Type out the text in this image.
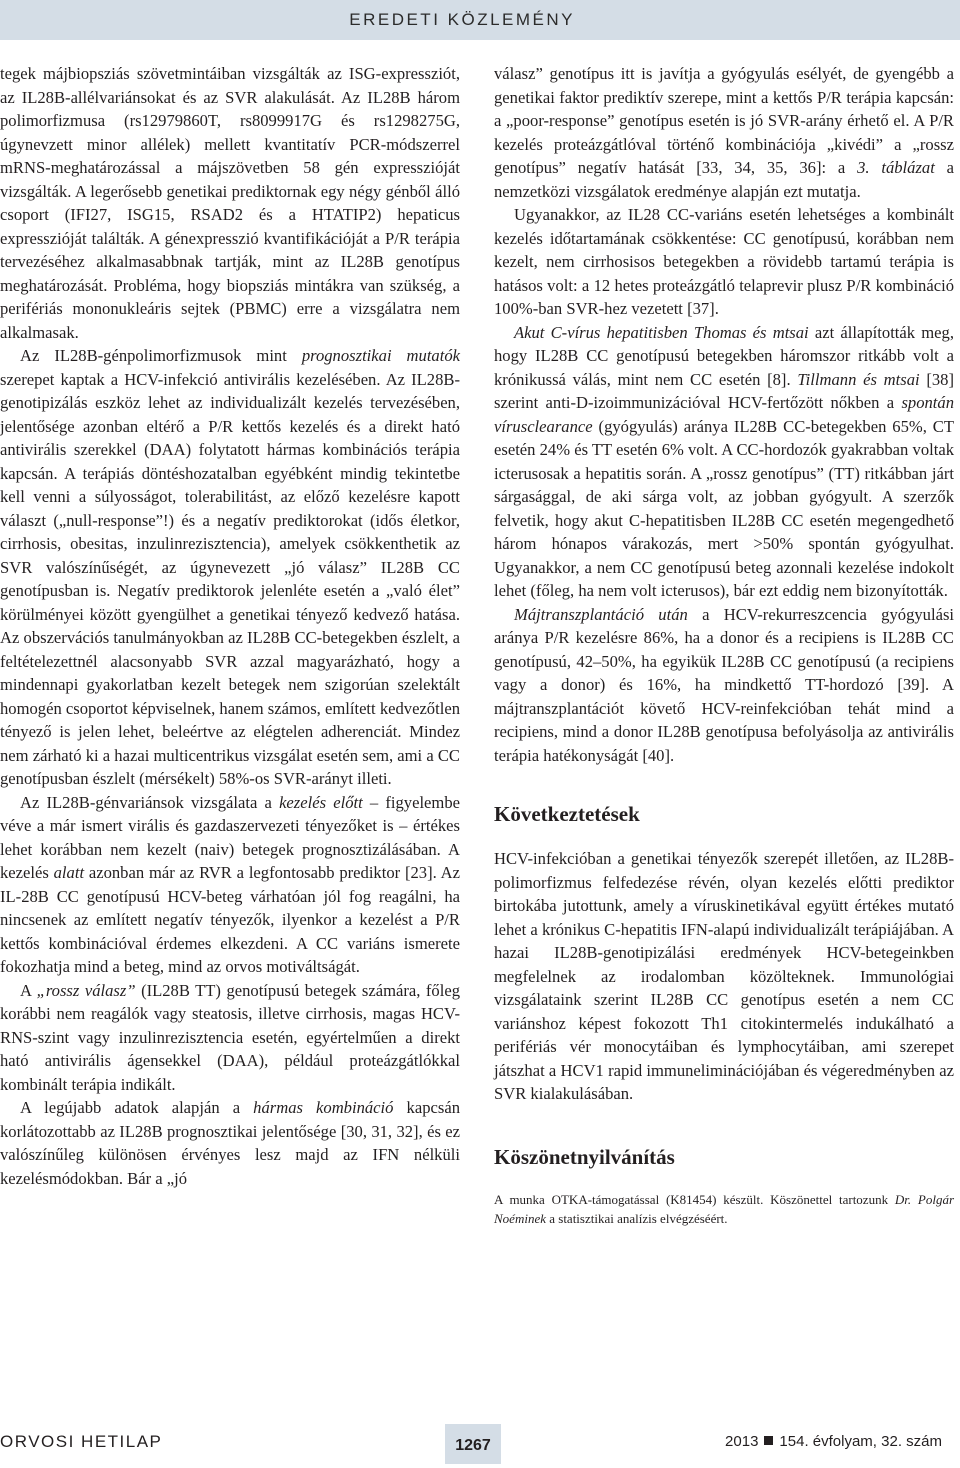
EREDETI KÖZLEMÉNY

tegek májbiopsziás szövetmintáiban vizsgálták az ISG-expressziót, az IL28B-allélvariánsokat és az SVR alakulását. Az IL28B három polimorfizmusa (rs12979860T, rs8099917G és rs1298275G, úgynevzett minor allélek) mellett kvantitatív PCR-módszerrel mRNS-meghatározással a májszövetben 58 gén expresszióját vizsgálták. A legerősebb genetikai prediktornak egy négy génből álló csoport (IFI27, ISG15, RSAD2 és a HTATIP2) hepaticus expresszióját találták. A génexpresszió kvantifikációját a P/R terápia tervezéséhez alkalmasabbnak tartják, mint az IL28B genotípus meghatározását. Probléma, hogy biopsziás mintákra van szükség, a perifériás mononukleáris sejtek (PBMC) erre a vizsgálatra nem alkalmasak.

Az IL28B-génpolimorfizmusok mint prognosztikai mutatók szerepet kaptak a HCV-infekció antivirális kezelésében. Az IL28B-genotipizálás eszköz lehet az individualizált kezelés tervezésében, jelentősége azonban eltérő a P/R kettős kezelés és a direkt ható antivirális szerekkel (DAA) folytatott hármas kombinációs terápia kapcsán. A terápiás döntéshozatalban egyébként mindig tekintetbe kell venni a súlyosságot, tolerabilitást, az előző kezelésre kapott választ („null-response”!) és a negatív prediktorokat (idős életkor, cirrhosis, obesitas, inzulinrezisztencia), amelyek csökkenthetik az SVR valószínűségét, az úgynevezett „jó válasz” IL28B CC genotípusban is. Negatív prediktorok jelenléte esetén a „való élet” körülményei között gyengülhet a genetikai tényező kedvező hatása. Az obszervációs tanulmányokban az IL28B CC-betegekben észlelt, a feltételezettnél alacsonyabb SVR azzal magyarázható, hogy a mindennapi gyakorlatban kezelt betegek nem szigorúan szelektált homogén csoportot képviselnek, hanem számos, említett kedvezőtlen tényező is jelen lehet, beleértve az elégtelen adherenciát. Mindez nem zárható ki a hazai multicentrikus vizsgálat esetén sem, ami a CC genotípusban észlelt (mérsékelt) 58%-os SVR-arányt illeti.

Az IL28B-génvariánsok vizsgálata a kezelés előtt – figyelembe véve a már ismert virális és gazdaszervezeti tényezőket is – értékes lehet korábban nem kezelt (naiv) betegek prognosztizálásában. A kezelés alatt azonban már az RVR a legfontosabb prediktor [23]. Az IL-28B CC genotípusú HCV-beteg várhatóan jól fog reagálni, ha nincsenek az említett negatív tényezők, ilyenkor a kezelést a P/R kettős kombinációval érdemes elkezdeni. A CC variáns ismerete fokozhatja mind a beteg, mind az orvos motiváltságát.

A „rossz válasz” (IL28B TT) genotípusú betegek számára, főleg korábbi nem reagálók vagy steatosis, illetve cirrhosis, magas HCV-RNS-szint vagy inzulinrezisztencia esetén, egyértelműen a direkt ható antivirális ágensekkel (DAA), például proteázgátlókkal kombinált terápia indikált.

A legújabb adatok alapján a hármas kombináció kapcsán korlátozottabb az IL28B prognosztikai jelentősége [30, 31, 32], és ez valószínűleg különösen érvényes lesz majd az IFN nélküli kezelésmódokban. Bár a „jó

válasz” genotípus itt is javítja a gyógyulás esélyét, de gyengébb a genetikai faktor prediktív szerepe, mint a kettős P/R terápia kapcsán: a „poor-response” genotípus esetén is jó SVR-arány érhető el. A P/R kezelés proteázgátlóval történő kombinációja „kivédi” a „rossz genotípus” negatív hatását [33, 34, 35, 36]: a 3. táblázat a nemzetközi vizsgálatok eredménye alapján ezt mutatja.

Ugyanakkor, az IL28 CC-variáns esetén lehetséges a kombinált kezelés időtartamának csökkentése: CC genotípusú, korábban nem kezelt, nem cirrhosisos betegekben a rövidebb tartamú terápia is hatásos volt: a 12 hetes proteázgátló telaprevir plusz P/R kombináció 100%-ban SVR-hez vezetett [37].

Akut C-vírus hepatitisben Thomas és mtsai azt állapították meg, hogy IL28B CC genotípusú betegekben háromszor ritkább volt a krónikussá válás, mint nem CC esetén [8]. Tillmann és mtsai [38] szerint anti-D-izoimmunizációval HCV-fertőzött nőkben a spontán vírusclearance (gyógyulás) aránya IL28B CC-betegekben 65%, CT esetén 24% és TT esetén 6% volt. A CC-hordozók gyakrabban voltak icterusosak a hepatitis során. A „rossz genotípus” (TT) ritkábban járt sárgasággal, de aki sárga volt, az jobban gyógyult. A szerzők felvetik, hogy akut C-hepatitisben IL28B CC esetén megengedhető három hónapos várakozás, mert >50% spontán gyógyulhat. Ugyanakkor, a nem CC genotípusú beteg azonnali kezelése indokolt lehet (főleg, ha nem volt icterusos), bár ezt eddig nem bizonyították.

Májtranszplantáció után a HCV-rekurreszcencia gyógyulási aránya P/R kezelésre 86%, ha a donor és a recipiens is IL28B CC genotípusú, 42–50%, ha egyikük IL28B CC genotípusú (a recipiens vagy a donor) és 16%, ha mindkettő TT-hordozó [39]. A májtranszplantációt követő HCV-reinfekcióban tehát mind a recipiens, mind a donor IL28B genotípusa befolyásolja az antivirális terápia hatékonyságát [40].

Következtetések

HCV-infekcióban a genetikai tényezők szerepét illetően, az IL28B-polimorfizmus felfedezése révén, olyan kezelés előtti prediktor birtokába jutottunk, amely a víruskinetikával együtt értékes mutató lehet a krónikus C-hepatitis IFN-alapú individualizált terápiájában. A hazai IL28B-genotipizálási eredmények HCV-betegeinkben megfelelnek az irodalomban közölteknek. Immunológiai vizsgálataink szerint IL28B CC genotípus esetén a nem CC variánshoz képest fokozott Th1 citokintermelés indukálható a perifériás vér monocytáiban és lymphocytáiban, ami szerepet játszhat a HCV1 rapid immuneliminációjában és végeredményben az SVR kialakulásában.

Köszönetnyilvánítás

A munka OTKA-támogatással (K81454) készült. Köszönettel tartozunk Dr. Polgár Noéminek a statisztikai analízis elvégzéséért.

ORVOSI HETILAP	1267	2013 154. évfolyam, 32. szám
